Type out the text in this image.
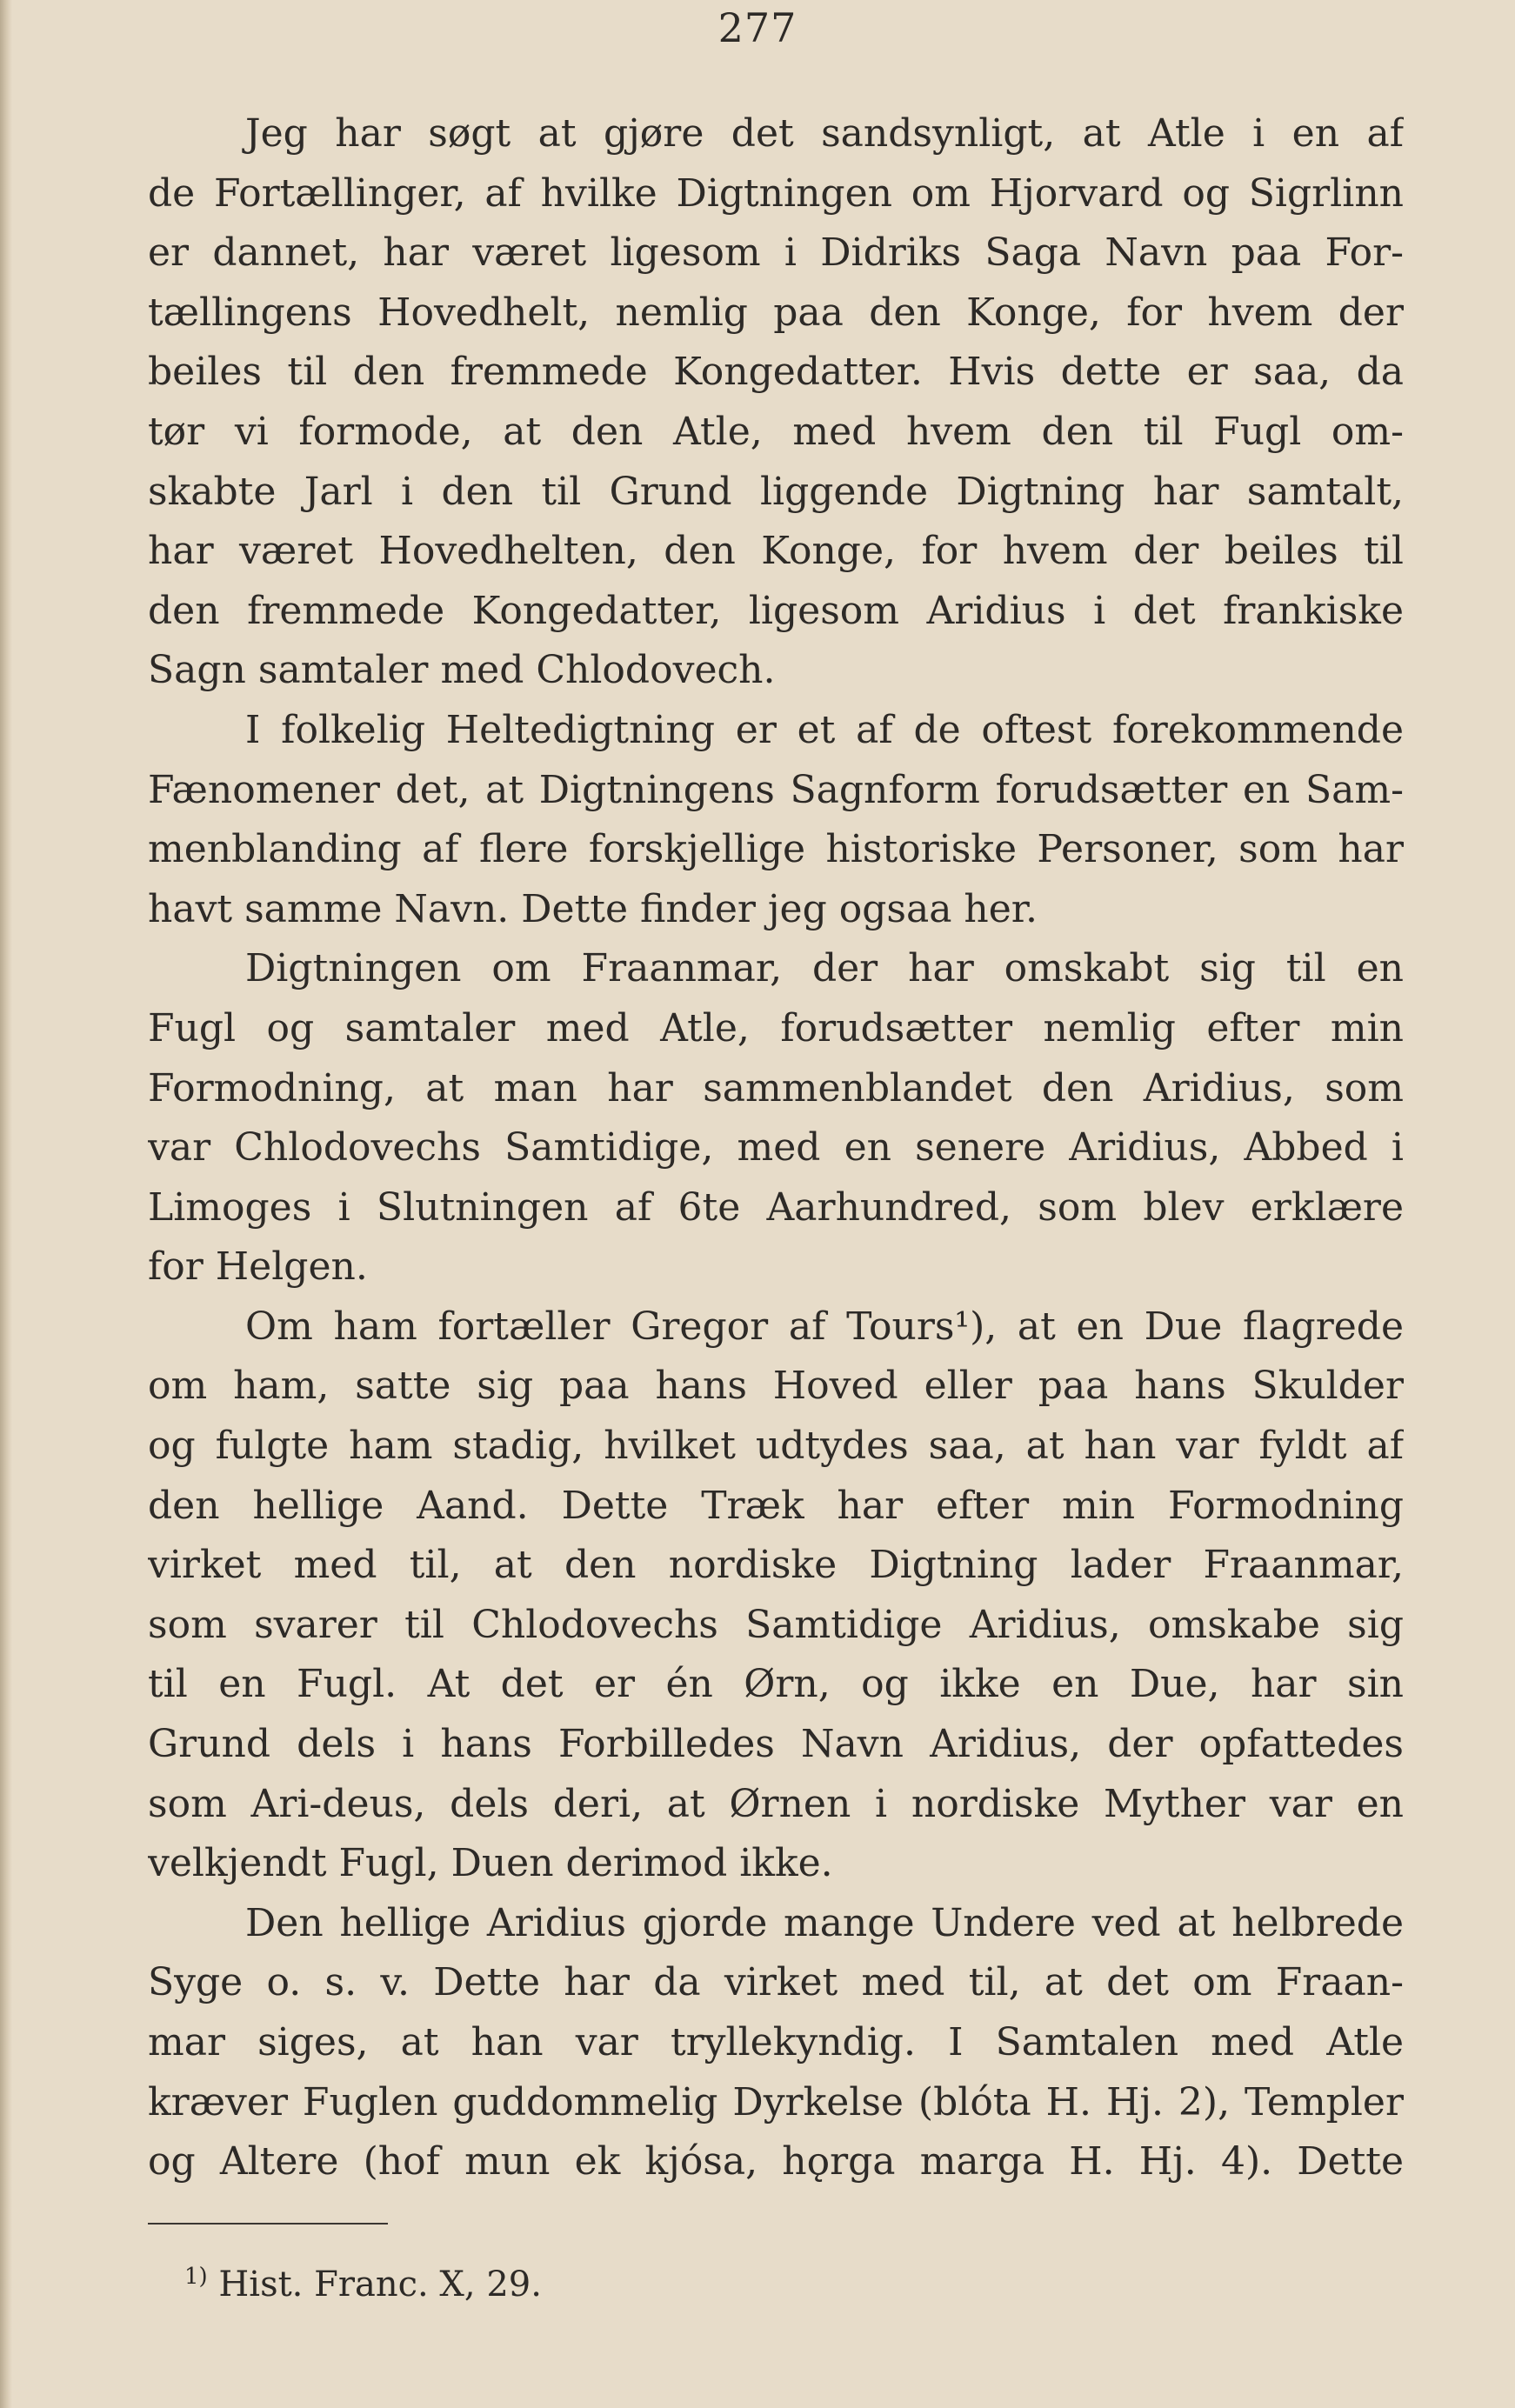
277
Jeg har søgt at gjøre det sandsynligt, at Atle i en af
de Fortællinger, af hvilke Digtningen om Hjorvard og Sigrlinn
er dannet, har været ligesom i Didriks Saga Navn paa For-
tællingens Hovedhelt, nemlig paa den Konge, for hvem der
beiles til den fremmede Kongedatter. Hvis dette er saa, da
tør vi formode, at den Atle, med hvem den til Fugl om-
skabte Jarl i den til Grund liggende Digtning har samtalt,
har været Hovedhelten, den Konge, for hvem der beiles til
den fremmede Kongedatter, ligesom Aridius i det frankiske
Sagn samtaler med Chlodovech.
I folkelig Heltedigtning er et af de oftest forekommende
Fænomener det, at Digtningens Sagnform forudsætter en Sam-
menblanding af flere forskjellige historiske Personer, som har
havt samme Navn. Dette finder jeg ogsaa her.
Digtningen om Fraanmar, der har omskabt sig til en
Fugl og samtaler med Atle, forudsætter nemlig efter min
Formodning, at man har sammenblandet den Aridius, som
var Chlodovechs Samtidige, med en senere Aridius, Abbed i
Limoges i Slutningen af 6te Aarhundred, som blev erklære
for Helgen.
Om ham fortæller Gregor af Tours¹), at en Due flagrede
om ham, satte sig paa hans Hoved eller paa hans Skulder
og fulgte ham stadig, hvilket udtydes saa, at han var fyldt af
den hellige Aand. Dette Træk har efter min Formodning
virket med til, at den nordiske Digtning lader Fraanmar,
som svarer til Chlodovechs Samtidige Aridius, omskabe sig
til en Fugl. At det er én Ørn, og ikke en Due, har sin
Grund dels i hans Forbilledes Navn Aridius, der opfattedes
som Ari-deus, dels deri, at Ørnen i nordiske Myther var en
velkjendt Fugl, Duen derimod ikke.
Den hellige Aridius gjorde mange Undere ved at helbrede
Syge o. s. v. Dette har da virket med til, at det om Fraan-
mar siges, at han var tryllekyndig. I Samtalen med Atle
kræver Fuglen guddommelig Dyrkelse (blóta H. Hj. 2), Templer
og Altere (hof mun ek kjósa, hǫrga marga H. Hj. 4). Dette
$^{1)}$ Hist. Franc. X, 29.
